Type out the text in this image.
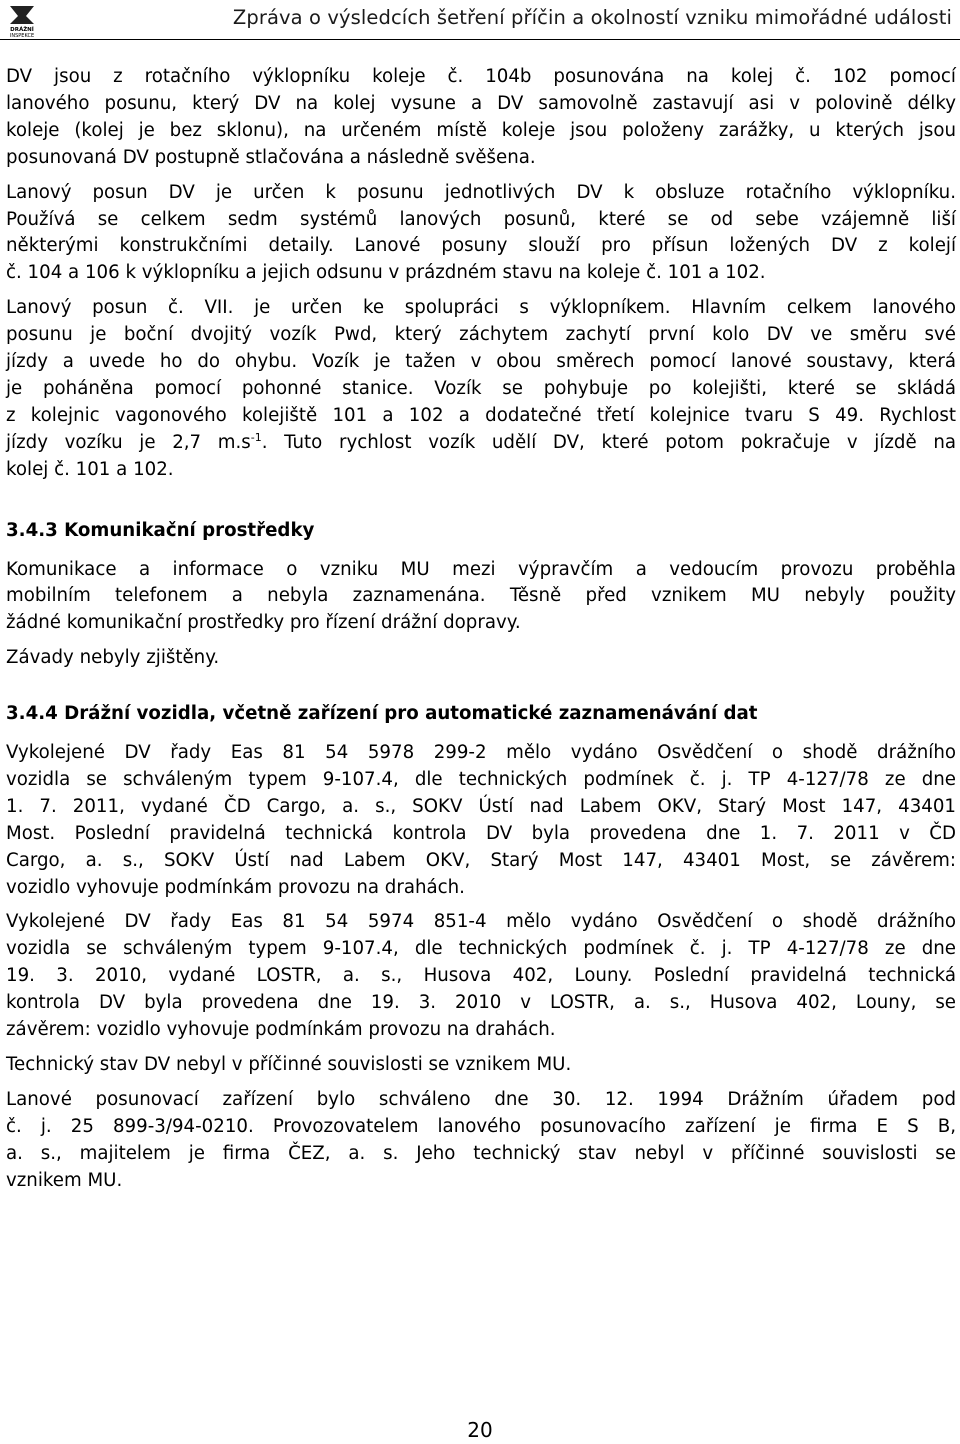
DRÁŽNÍ
INSPEKCE
Zpráva o výsledcích šetření příčin a okolností vzniku mimořádné události

DV jsou z rotačního výklopníku koleje č. 104b posunována na kolej č. 102 pomocí
lanového posunu, který DV na kolej vysune a DV samovolně zastavují asi v polovině délky
koleje (kolej je bez sklonu), na určeném místě koleje jsou položeny zarážky, u kterých jsou
posunovaná DV postupně stlačována a následně svěšena.

Lanový posun DV je určen k posunu jednotlivých DV k obsluze rotačního výklopníku.
Používá se celkem sedm systémů lanových posunů, které se od sebe vzájemně liší
některými konstrukčními detaily. Lanové posuny slouží pro přísun ložených DV z kolejí
č. 104 a 106 k výklopníku a jejich odsunu v prázdném stavu na koleje č. 101 a 102.

Lanový posun č. VII. je určen ke spolupráci s výklopníkem. Hlavním celkem lanového
posunu je boční dvojitý vozík Pwd, který záchytem zachytí první kolo DV ve směru své
jízdy a uvede ho do ohybu. Vozík je tažen v obou směrech pomocí lanové soustavy, která
je poháněna pomocí pohonné stanice. Vozík se pohybuje po kolejišti, které se skládá
z kolejnic vagonového kolejiště 101 a 102 a dodatečné třetí kolejnice tvaru S 49. Rychlost
jízdy vozíku je 2,7 $m.s^{-1}$. Tuto rychlost vozík udělí DV, které potom pokračuje v jízdě na
kolej č. 101 a 102.

3.4.3 Komunikační prostředky

Komunikace a informace o vzniku MU mezi výpravčím a vedoucím provozu proběhla
mobilním telefonem a nebyla zaznamenána. Těsně před vznikem MU nebyly použity
žádné komunikační prostředky pro řízení drážní dopravy.

Závady nebyly zjištěny.

3.4.4 Drážní vozidla, včetně zařízení pro automatické zaznamenávání dat

Vykolejené DV řady Eas 81 54 5978 299-2 mělo vydáno Osvědčení o shodě drážního
vozidla se schváleným typem 9-107.4, dle technických podmínek č. j. TP 4-127/78 ze dne
1. 7. 2011, vydané ČD Cargo, a. s., SOKV Ústí nad Labem OKV, Starý Most 147, 43401
Most. Poslední pravidelná technická kontrola DV byla provedena dne 1. 7. 2011 v ČD
Cargo, a. s., SOKV Ústí nad Labem OKV, Starý Most 147, 43401 Most, se závěrem:
vozidlo vyhovuje podmínkám provozu na drahách.

Vykolejené DV řady Eas 81 54 5974 851-4 mělo vydáno Osvědčení o shodě drážního
vozidla se schváleným typem 9-107.4, dle technických podmínek č. j. TP 4-127/78 ze dne
19. 3. 2010, vydané LOSTR, a. s., Husova 402, Louny. Poslední pravidelná technická
kontrola DV byla provedena dne 19. 3. 2010 v LOSTR, a. s., Husova 402, Louny, se
závěrem: vozidlo vyhovuje podmínkám provozu na drahách.

Technický stav DV nebyl v příčinné souvislosti se vznikem MU.

Lanové posunovací zařízení bylo schváleno dne 30. 12. 1994 Drážním úřadem pod
č. j. 25 899-3/94-0210. Provozovatelem lanového posunovacího zařízení je firma E S B,
a. s., majitelem je firma ČEZ, a. s. Jeho technický stav nebyl v příčinné souvislosti se
vznikem MU.

20
